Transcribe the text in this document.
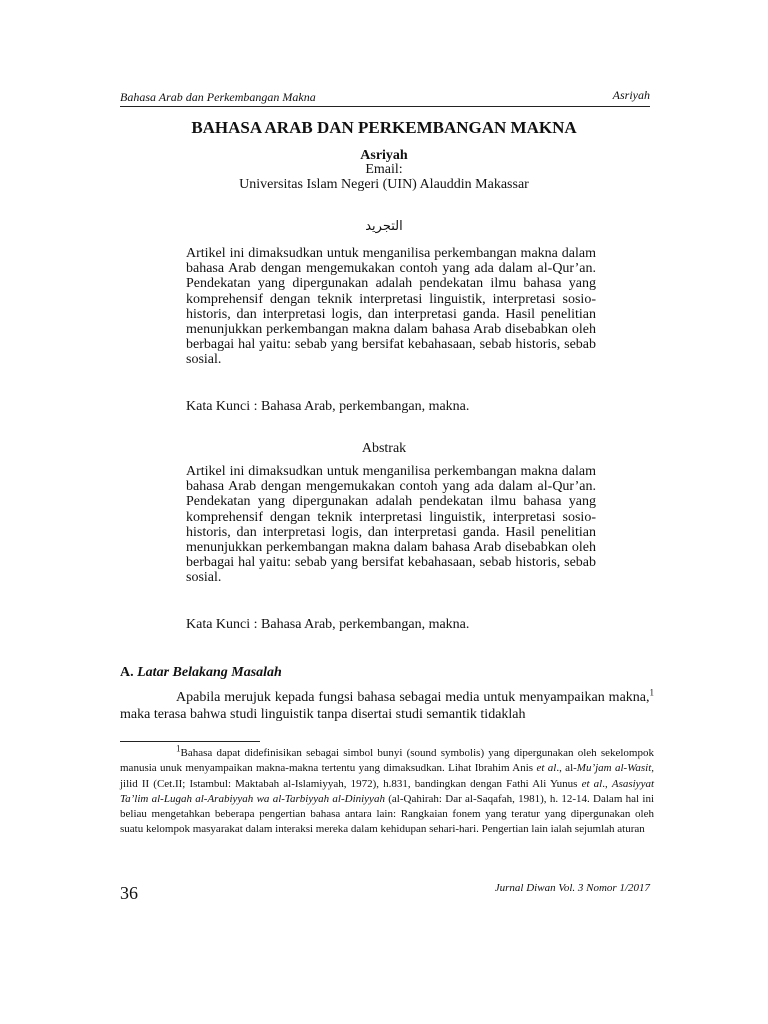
Bahasa Arab dan Perkembangan Makna	Asriyah
BAHASA ARAB DAN PERKEMBANGAN MAKNA
Asriyah
Email:
Universitas Islam Negeri (UIN) Alauddin Makassar
التجريد
Artikel ini dimaksudkan untuk menganilisa perkembangan makna dalam bahasa Arab dengan mengemukakan contoh yang ada dalam al-Qur’an. Pendekatan yang dipergunakan adalah pendekatan ilmu bahasa yang komprehensif dengan teknik interpretasi linguistik, interpretasi sosio-historis, dan interpretasi logis, dan interpretasi ganda. Hasil penelitian menunjukkan perkembangan makna dalam bahasa Arab disebabkan oleh berbagai hal yaitu: sebab yang bersifat kebahasaan, sebab historis, sebab sosial.
Kata Kunci : Bahasa Arab, perkembangan, makna.
Abstrak
Artikel ini dimaksudkan untuk menganilisa perkembangan makna dalam bahasa Arab dengan mengemukakan contoh yang ada dalam al-Qur’an. Pendekatan yang dipergunakan adalah pendekatan ilmu bahasa yang komprehensif dengan teknik interpretasi linguistik, interpretasi sosio-historis, dan interpretasi logis, dan interpretasi ganda. Hasil penelitian menunjukkan perkembangan makna dalam bahasa Arab disebabkan oleh berbagai hal yaitu: sebab yang bersifat kebahasaan, sebab historis, sebab sosial.
Kata Kunci : Bahasa Arab, perkembangan, makna.
A. Latar Belakang Masalah
Apabila merujuk kepada fungsi bahasa sebagai media untuk menyampaikan makna,$^1$ maka terasa bahwa studi linguistik tanpa disertai studi semantik tidaklah
$^1$Bahasa dapat didefinisikan sebagai simbol bunyi (sound symbolis) yang dipergunakan oleh sekelompok manusia unuk menyampaikan makna-makna tertentu yang dimaksudkan. Lihat Ibrahim Anis et al., al-Mu’jam al-Wasit, jilid II (Cet.II; Istambul: Maktabah al-Islamiyyah, 1972), h.831, bandingkan dengan Fathi Ali Yunus et al., Asasiyyat Ta’lim al-Lugah al-Arabiyyah wa al-Tarbiyyah al-Diniyyah (al-Qahirah: Dar al-Saqafah, 1981), h. 12-14. Dalam hal ini beliau mengetahkan beberapa pengertian bahasa antara lain: Rangkaian fonem yang teratur yang dipergunakan oleh suatu kelompok masyarakat dalam interaksi mereka dalam kehidupan sehari-hari. Pengertian lain ialah sejumlah aturan
36	Jurnal Diwan Vol. 3 Nomor 1/2017
